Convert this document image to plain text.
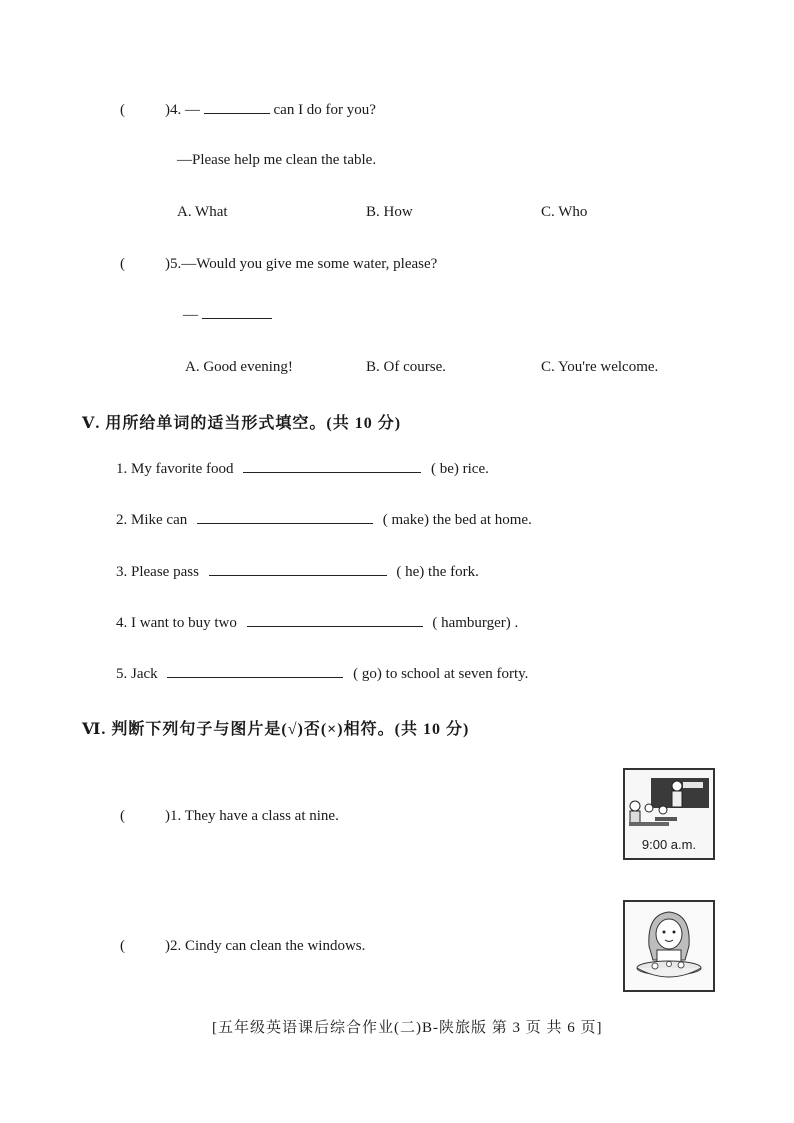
(	)4. —	can I do for you?
—Please help me clean the table.
A. What	B. How	C. Who
(	)5.—Would you give me some water, please?
—
A. Good evening!	B. Of course.	C. You're welcome.
Ⅴ. 用所给单词的适当形式填空。(共 10 分)
1. My favorite food	( be) rice.
2. Mike can	( make) the bed at home.
3. Please pass	( he) the fork.
4. I want to buy two	( hamburger) .
5. Jack	( go) to school at seven forty.
Ⅵ. 判断下列句子与图片是(√)否(×)相符。(共 10 分)
(	)1. They have a class at nine.
9:00 a.m.
(	)2. Cindy can clean the windows.
[五年级英语课后综合作业(二)B-陕旅版 第 3 页 共 6 页]
